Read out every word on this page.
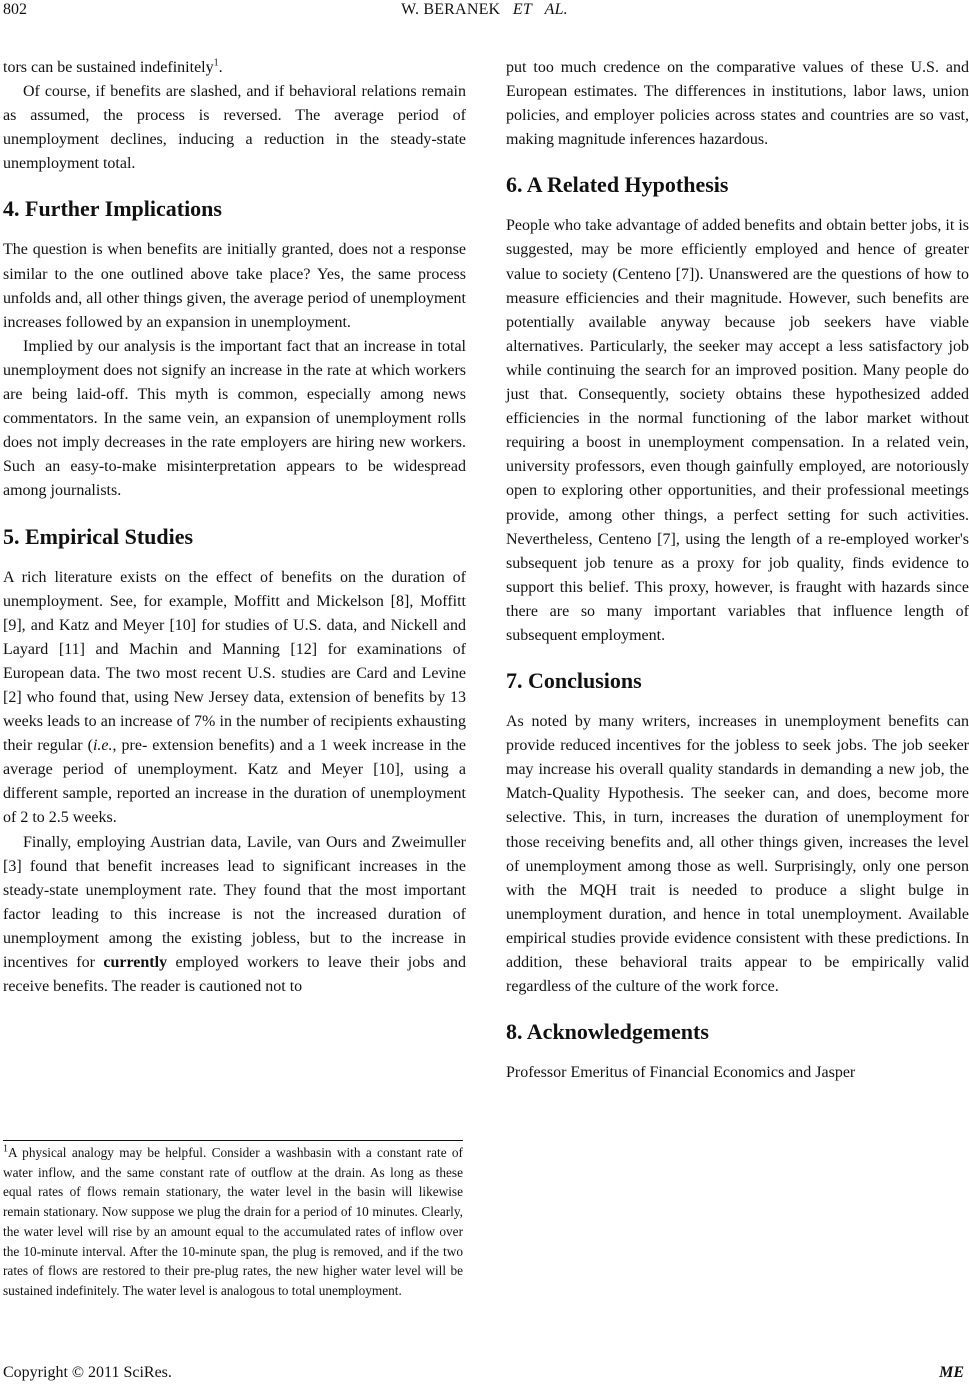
802	W. BERANEK ET AL.

tors can be sustained indefinitely$^1$.

Of course, if benefits are slashed, and if behavioral relations remain as assumed, the process is reversed. The average period of unemployment declines, inducing a reduction in the steady-state unemployment total.

4. Further Implications

The question is when benefits are initially granted, does not a response similar to the one outlined above take place? Yes, the same process unfolds and, all other things given, the average period of unemployment increases followed by an expansion in unemployment.

Implied by our analysis is the important fact that an increase in total unemployment does not signify an increase in the rate at which workers are being laid-off. This myth is common, especially among news commentators. In the same vein, an expansion of unemployment rolls does not imply decreases in the rate employers are hiring new workers. Such an easy-to-make misinterpretation appears to be widespread among journalists.

5. Empirical Studies

A rich literature exists on the effect of benefits on the duration of unemployment. See, for example, Moffitt and Mickelson [8], Moffitt [9], and Katz and Meyer [10] for studies of U.S. data, and Nickell and Layard [11] and Machin and Manning [12] for examinations of European data. The two most recent U.S. studies are Card and Levine [2] who found that, using New Jersey data, extension of benefits by 13 weeks leads to an increase of 7% in the number of recipients exhausting their regular (i.e., pre- extension benefits) and a 1 week increase in the average period of unemployment. Katz and Meyer [10], using a different sample, reported an increase in the duration of unemployment of 2 to 2.5 weeks.

Finally, employing Austrian data, Lavile, van Ours and Zweimuller [3] found that benefit increases lead to significant increases in the steady-state unemployment rate. They found that the most important factor leading to this increase is not the increased duration of unemployment among the existing jobless, but to the increase in incentives for currently employed workers to leave their jobs and receive benefits. The reader is cautioned not to

$^1$A physical analogy may be helpful. Consider a washbasin with a constant rate of water inflow, and the same constant rate of outflow at the drain. As long as these equal rates of flows remain stationary, the water level in the basin will likewise remain stationary. Now suppose we plug the drain for a period of 10 minutes. Clearly, the water level will rise by an amount equal to the accumulated rates of inflow over the 10-minute interval. After the 10-minute span, the plug is removed, and if the two rates of flows are restored to their pre-plug rates, the new higher water level will be sustained indefinitely. The water level is analogous to total unemployment.

put too much credence on the comparative values of these U.S. and European estimates. The differences in institutions, labor laws, union policies, and employer policies across states and countries are so vast, making magnitude inferences hazardous.

6. A Related Hypothesis

People who take advantage of added benefits and obtain better jobs, it is suggested, may be more efficiently employed and hence of greater value to society (Centeno [7]). Unanswered are the questions of how to measure efficiencies and their magnitude. However, such benefits are potentially available anyway because job seekers have viable alternatives. Particularly, the seeker may accept a less satisfactory job while continuing the search for an improved position. Many people do just that. Consequently, society obtains these hypothesized added efficiencies in the normal functioning of the labor market without requiring a boost in unemployment compensation. In a related vein, university professors, even though gainfully employed, are notoriously open to exploring other opportunities, and their professional meetings provide, among other things, a perfect setting for such activities. Nevertheless, Centeno [7], using the length of a re-employed worker's subsequent job tenure as a proxy for job quality, finds evidence to support this belief. This proxy, however, is fraught with hazards since there are so many important variables that influence length of subsequent employment.

7. Conclusions

As noted by many writers, increases in unemployment benefits can provide reduced incentives for the jobless to seek jobs. The job seeker may increase his overall quality standards in demanding a new job, the Match-Quality Hypothesis. The seeker can, and does, become more selective. This, in turn, increases the duration of unemployment for those receiving benefits and, all other things given, increases the level of unemployment among those as well. Surprisingly, only one person with the MQH trait is needed to produce a slight bulge in unemployment duration, and hence in total unemployment. Available empirical studies provide evidence consistent with these predictions. In addition, these behavioral traits appear to be empirically valid regardless of the culture of the work force.

8. Acknowledgements

Professor Emeritus of Financial Economics and Jasper

Copyright © 2011 SciRes.	ME
